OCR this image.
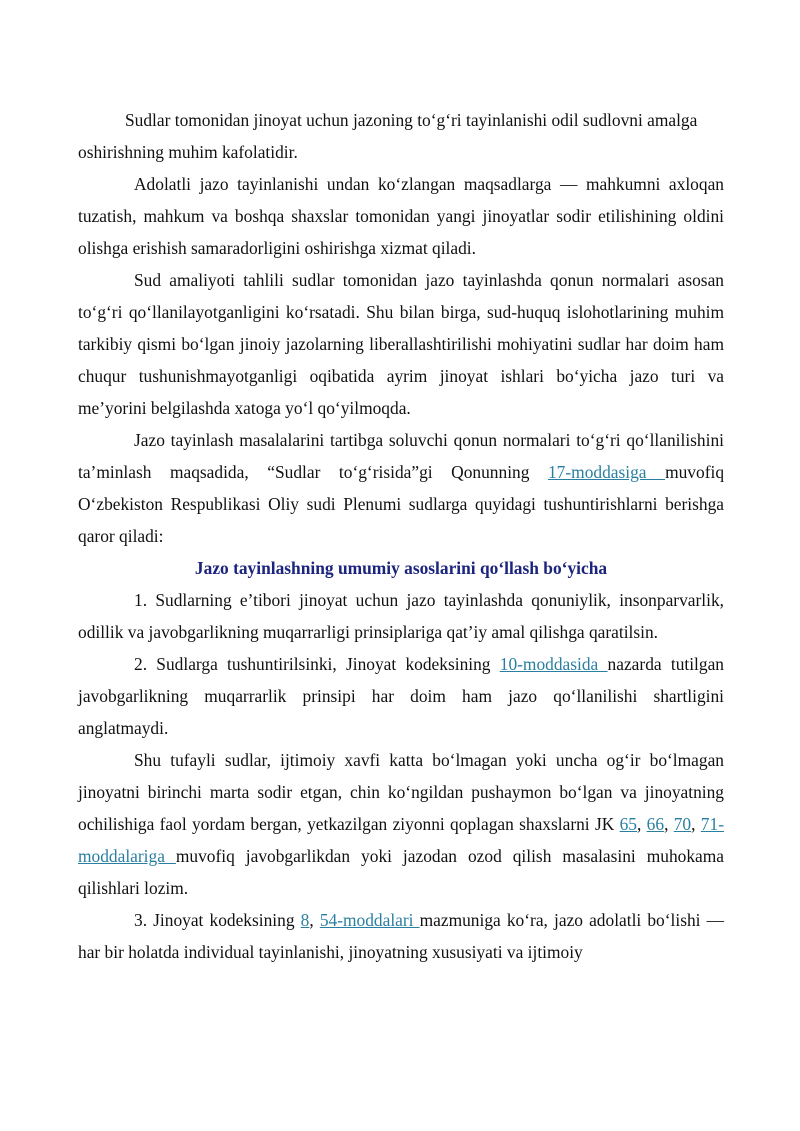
Sudlar tomonidan jinoyat uchun jazoning to‘g‘ri tayinlanishi odil sudlovni amalga oshirishning muhim kafolatidir.

Adolatli jazo tayinlanishi undan ko‘zlangan maqsadlarga — mahkumni axloqan tuzatish, mahkum va boshqa shaxslar tomonidan yangi jinoyatlar sodir etilishining oldini olishga erishish samaradorligini oshirishga xizmat qiladi.

Sud amaliyoti tahlili sudlar tomonidan jazo tayinlashda qonun normalari asosan to‘g‘ri qo‘llanilayotganligini ko‘rsatadi. Shu bilan birga, sud-huquq islohotlarining muhim tarkibiy qismi bo‘lgan jinoiy jazolarning liberallashtirilishi mohiyatini sudlar har doim ham chuqur tushunishmayotganligi oqibatida ayrim jinoyat ishlari bo‘yicha jazo turi va me’yorini belgilashda xatoga yo‘l qo‘yilmoqda.

Jazo tayinlash masalalarini tartibga soluvchi qonun normalari to‘g‘ri qo‘llanilishini ta’minlash maqsadida, “Sudlar to‘g‘risida”gi Qonunning 17-moddasiga muvofiq O‘zbekiston Respublikasi Oliy sudi Plenumi sudlarga quyidagi tushuntirishlarni berishga qaror qiladi:

Jazo tayinlashning umumiy asoslarini qo‘llash bo‘yicha

1. Sudlarning e’tibori jinoyat uchun jazo tayinlashda qonuniylik, insonparvarlik, odillik va javobgarlikning muqarrarligi prinsiplariga qat’iy amal qilishga qaratilsin.

2. Sudlarga tushuntirilsinki, Jinoyat kodeksining 10-moddasida nazarda tutilgan javobgarlikning muqarrarlik prinsipi har doim ham jazo qo‘llanilishi shartligini anglatmaydi.

Shu tufayli sudlar, ijtimoiy xavfi katta bo‘lmagan yoki uncha og‘ir bo‘lmagan jinoyatni birinchi marta sodir etgan, chin ko‘ngildan pushaymon bo‘lgan va jinoyatning ochilishiga faol yordam bergan, yetkazilgan ziyonni qoplagan shaxslarni JK 65, 66, 70, 71-moddalariga muvofiq javobgarlikdan yoki jazodan ozod qilish masalasini muhokama qilishlari lozim.

3. Jinoyat kodeksining 8, 54-moddalari mazmuniga ko‘ra, jazo adolatli bo‘lishi — har bir holatda individual tayinlanishi, jinoyatning xususiyati va ijtimoiy
